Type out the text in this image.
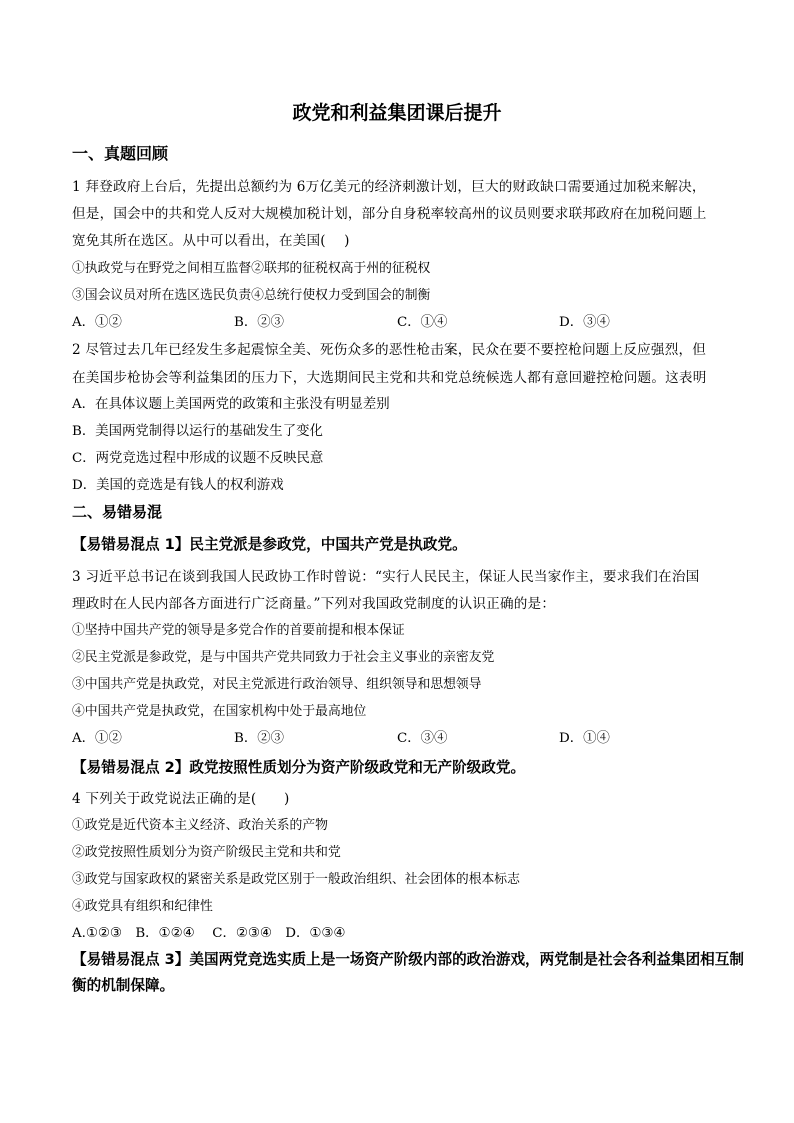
政党和利益集团课后提升
一、真题回顾
1 拜登政府上台后，先提出总额约为 6万亿美元的经济刺激计划，巨大的财政缺口需要通过加税来解决，
但是，国会中的共和党人反对大规模加税计划，部分自身税率较高州的议员则要求联邦政府在加税问题上
宽免其所在选区。从中可以看出，在美国(　 )
①执政党与在野党之间相互监督②联邦的征税权高于州的征税权
③国会议员对所在选区选民负责④总统行使权力受到国会的制衡
A．①②	B．②③	C．①④	D．③④
2 尽管过去几年已经发生多起震惊全美、死伤众多的恶性枪击案，民众在要不要控枪问题上反应强烈，但
在美国步枪协会等利益集团的压力下，大选期间民主党和共和党总统候选人都有意回避控枪问题。这表明
A．在具体议题上美国两党的政策和主张没有明显差别
B．美国两党制得以运行的基础发生了变化
C．两党竞选过程中形成的议题不反映民意
D．美国的竞选是有钱人的权利游戏
二、易错易混
【易错易混点 1】民主党派是参政党，中国共产党是执政党。
3 习近平总书记在谈到我国人民政协工作时曾说：“实行人民民主，保证人民当家作主，要求我们在治国
理政时在人民内部各方面进行广泛商量。”下列对我国政党制度的认识正确的是：
①坚持中国共产党的领导是多党合作的首要前提和根本保证
②民主党派是参政党，是与中国共产党共同致力于社会主义事业的亲密友党
③中国共产党是执政党，对民主党派进行政治领导、组织领导和思想领导
④中国共产党是执政党，在国家机构中处于最高地位
A．①②	B．②③	C．③④	D．①④
【易错易混点 2】政党按照性质划分为资产阶级政党和无产阶级政党。
4 下列关于政党说法正确的是(　　)
①政党是近代资本主义经济、政治关系的产物
②政党按照性质划分为资产阶级民主党和共和党
③政党与国家政权的紧密关系是政党区别于一般政治组织、社会团体的根本标志
④政党具有组织和纪律性
A.①②③　B．①②④　 C．②③④　D．①③④
【易错易混点 3】美国两党竞选实质上是一场资产阶级内部的政治游戏，两党制是社会各利益集团相互制衡的机制保障。
